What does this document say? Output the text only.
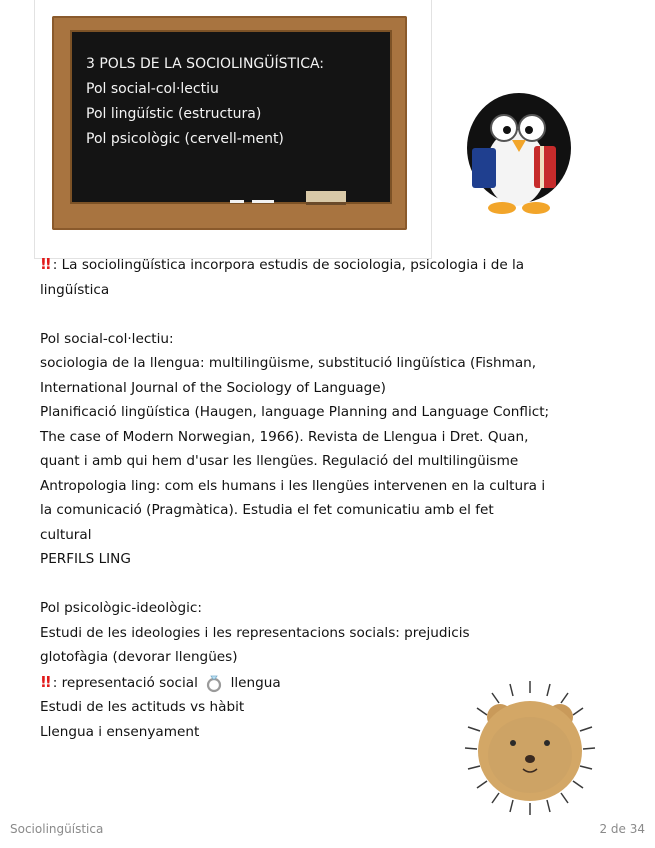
3 POLS DE LA SOCIOLINGÜÍSTICA:
Pol social-col·lectiu
Pol lingüístic (estructura)
Pol psicològic (cervell-ment)
!! : La sociolingüística incorpora estudis de sociologia, psicologia i de la
lingüística
Pol social-col·lectiu:
sociologia de la llengua: multilingüisme, substitució lingüística (Fishman,
International Journal of the Sociology of Language)
Planificació lingüística (Haugen, language Planning and Language Conflict;
The case of Modern Norwegian, 1966). Revista de Llengua i Dret. Quan,
quant i amb qui hem d'usar les llengües. Regulació del multilingüisme
Antropologia ling: com els humans i les llengües intervenen en la cultura i
la comunicació (Pragmàtica). Estudia el fet comunicatiu amb el fet
cultural
PERFILS LING
Pol psicològic-ideològic:
Estudi de les ideologies i les representacions socials: prejudicis
glotofàgia (devorar llengües)
!! : representació social llengua
Estudi de les actituds vs hàbit
Llengua i ensenyament
Sociolingüística	2 de 34
